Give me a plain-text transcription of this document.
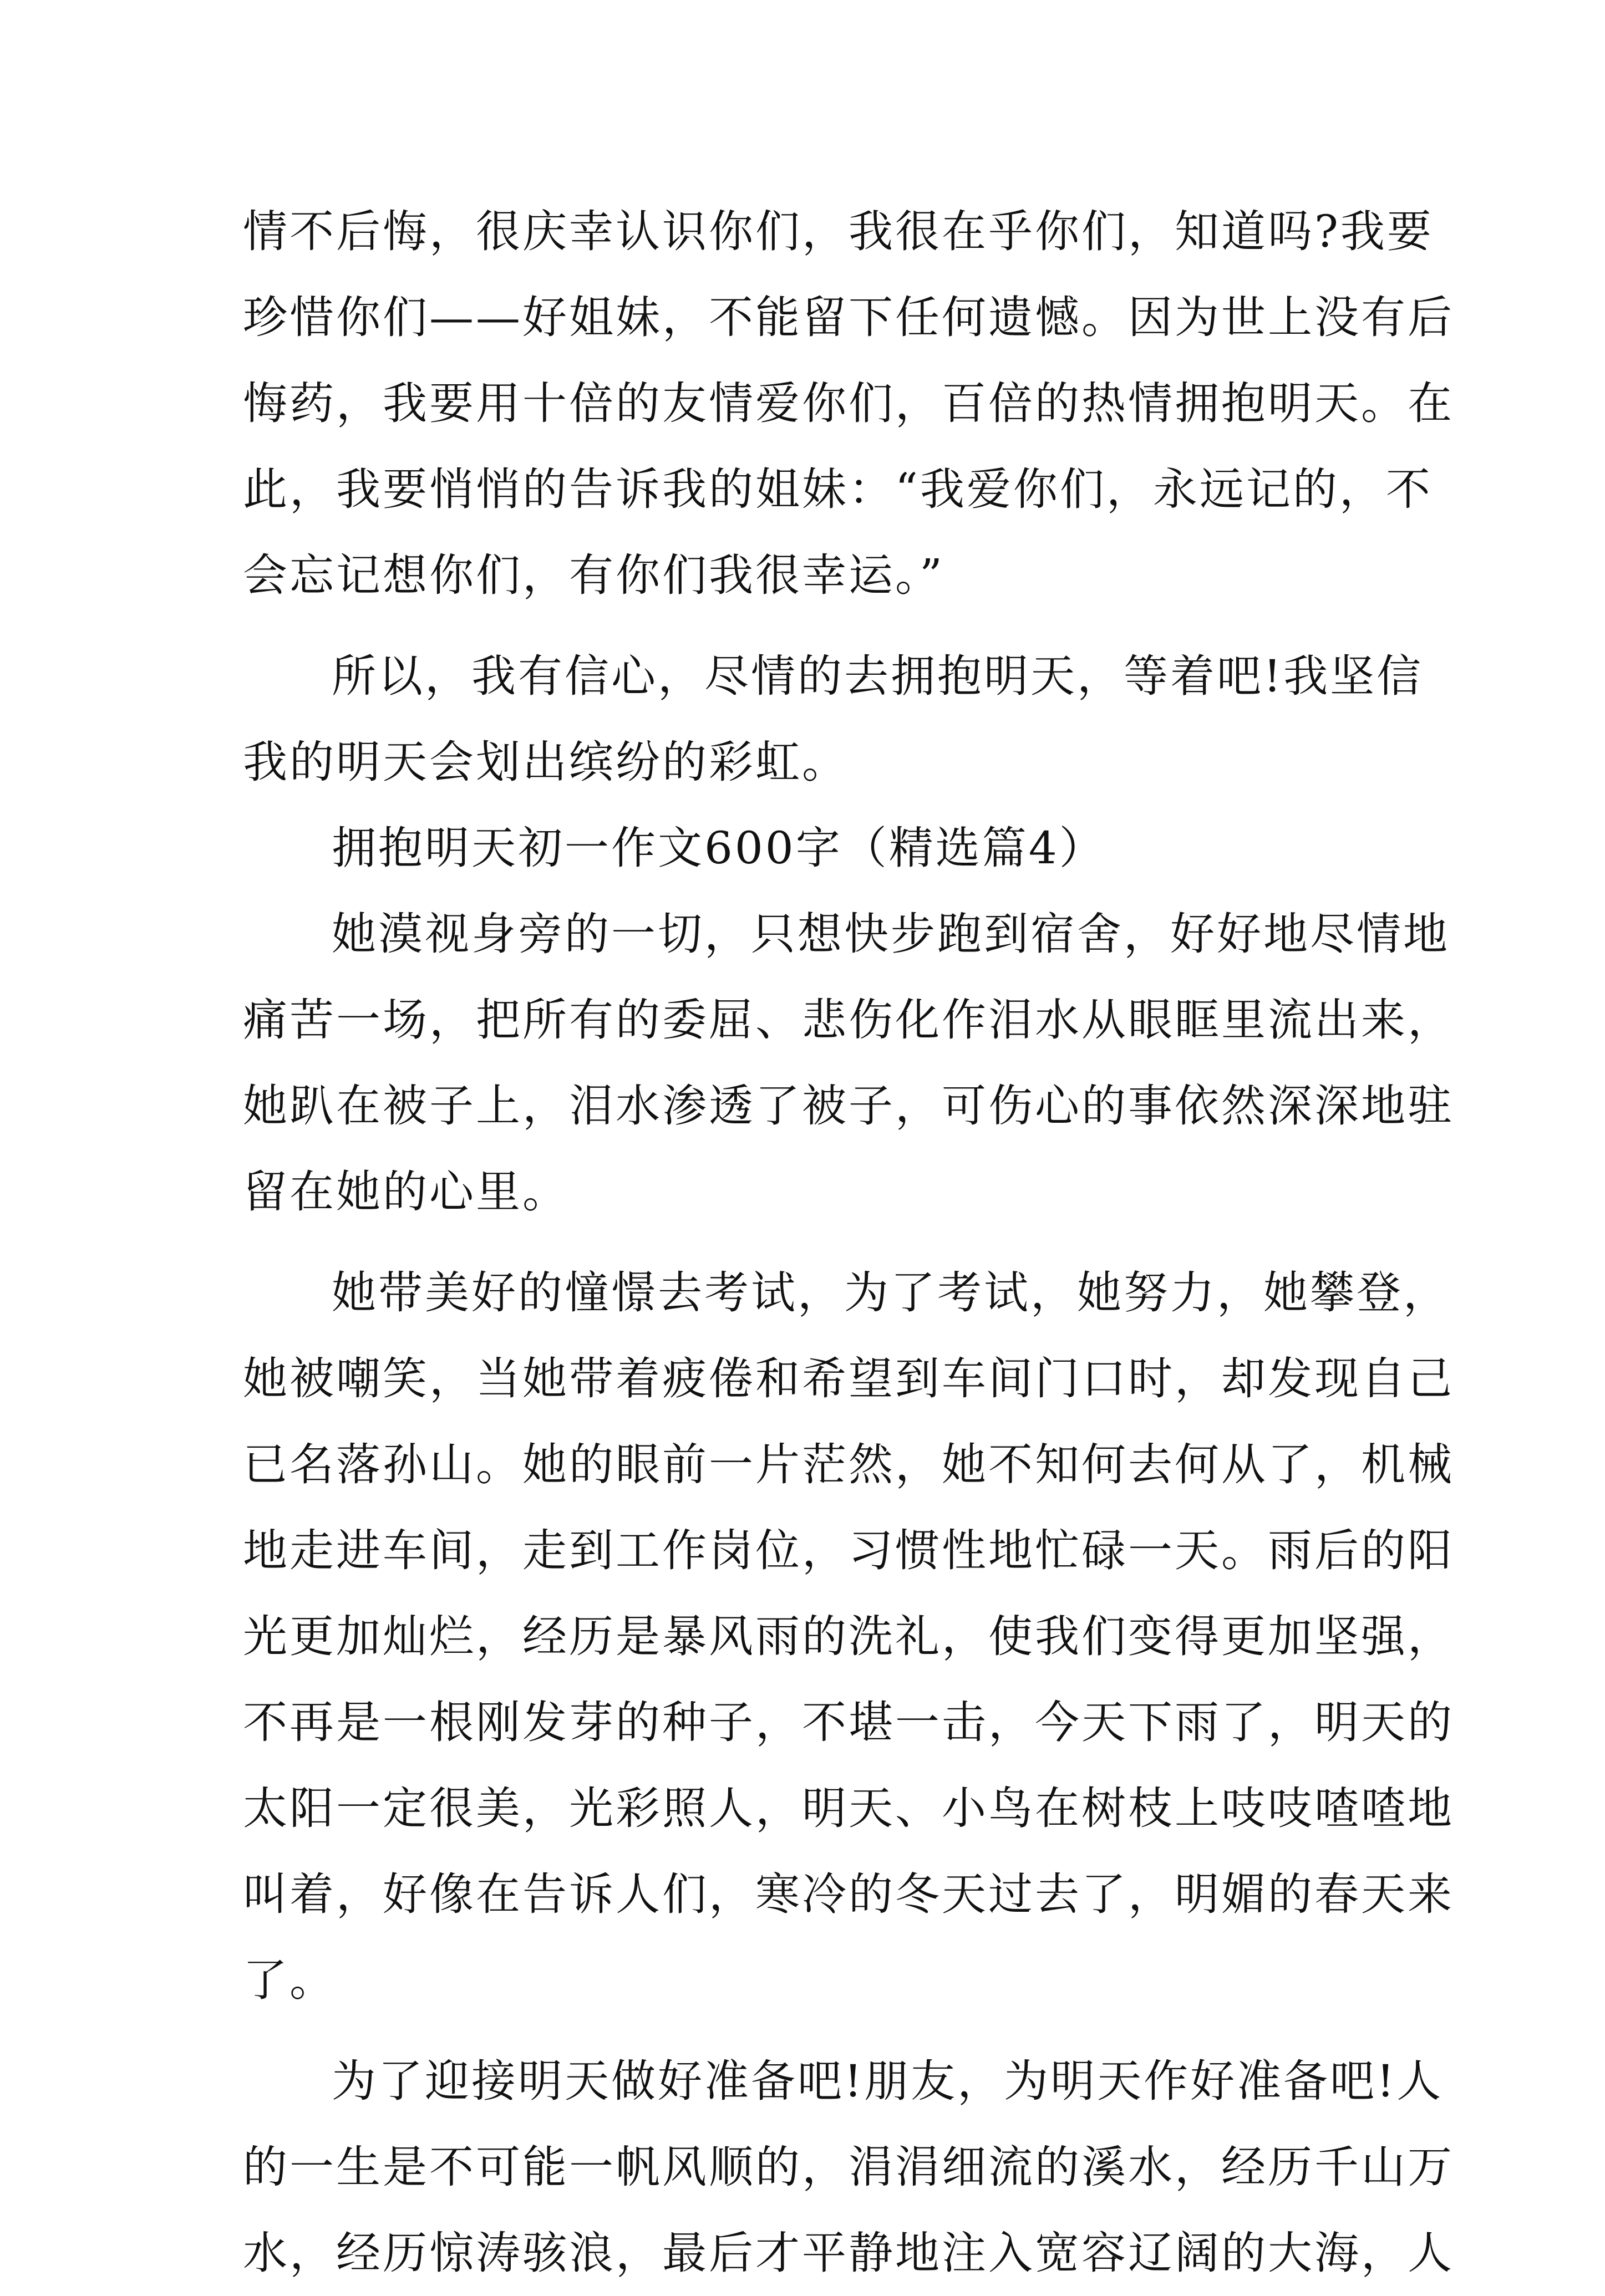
情不后悔，很庆幸认识你们，我很在乎你们，知道吗?我要
珍惜你们——好姐妹，不能留下任何遗憾。因为世上没有后
悔药，我要用十倍的友情爱你们，百倍的热情拥抱明天。在
此，我要悄悄的告诉我的姐妹：“我爱你们，永远记的，不
会忘记想你们，有你们我很幸运。”
所以，我有信心，尽情的去拥抱明天，等着吧!我坚信
我的明天会划出缤纷的彩虹。
拥抱明天初一作文600字（精选篇4）
她漠视身旁的一切，只想快步跑到宿舍，好好地尽情地
痛苦一场，把所有的委屈、悲伤化作泪水从眼眶里流出来，
她趴在被子上，泪水渗透了被子，可伤心的事依然深深地驻
留在她的心里。
她带美好的憧憬去考试，为了考试，她努力，她攀登，
她被嘲笑，当她带着疲倦和希望到车间门口时，却发现自己
已名落孙山。她的眼前一片茫然，她不知何去何从了，机械
地走进车间，走到工作岗位，习惯性地忙碌一天。雨后的阳
光更加灿烂，经历是暴风雨的洗礼，使我们变得更加坚强，
不再是一根刚发芽的种子，不堪一击，今天下雨了，明天的
太阳一定很美，光彩照人，明天、小鸟在树枝上吱吱喳喳地
叫着，好像在告诉人们，寒冷的冬天过去了，明媚的春天来
了。
为了迎接明天做好准备吧!朋友，为明天作好准备吧!人
的一生是不可能一帆风顺的，涓涓细流的溪水，经历千山万
水，经历惊涛骇浪，最后才平静地注入宽容辽阔的大海，人
